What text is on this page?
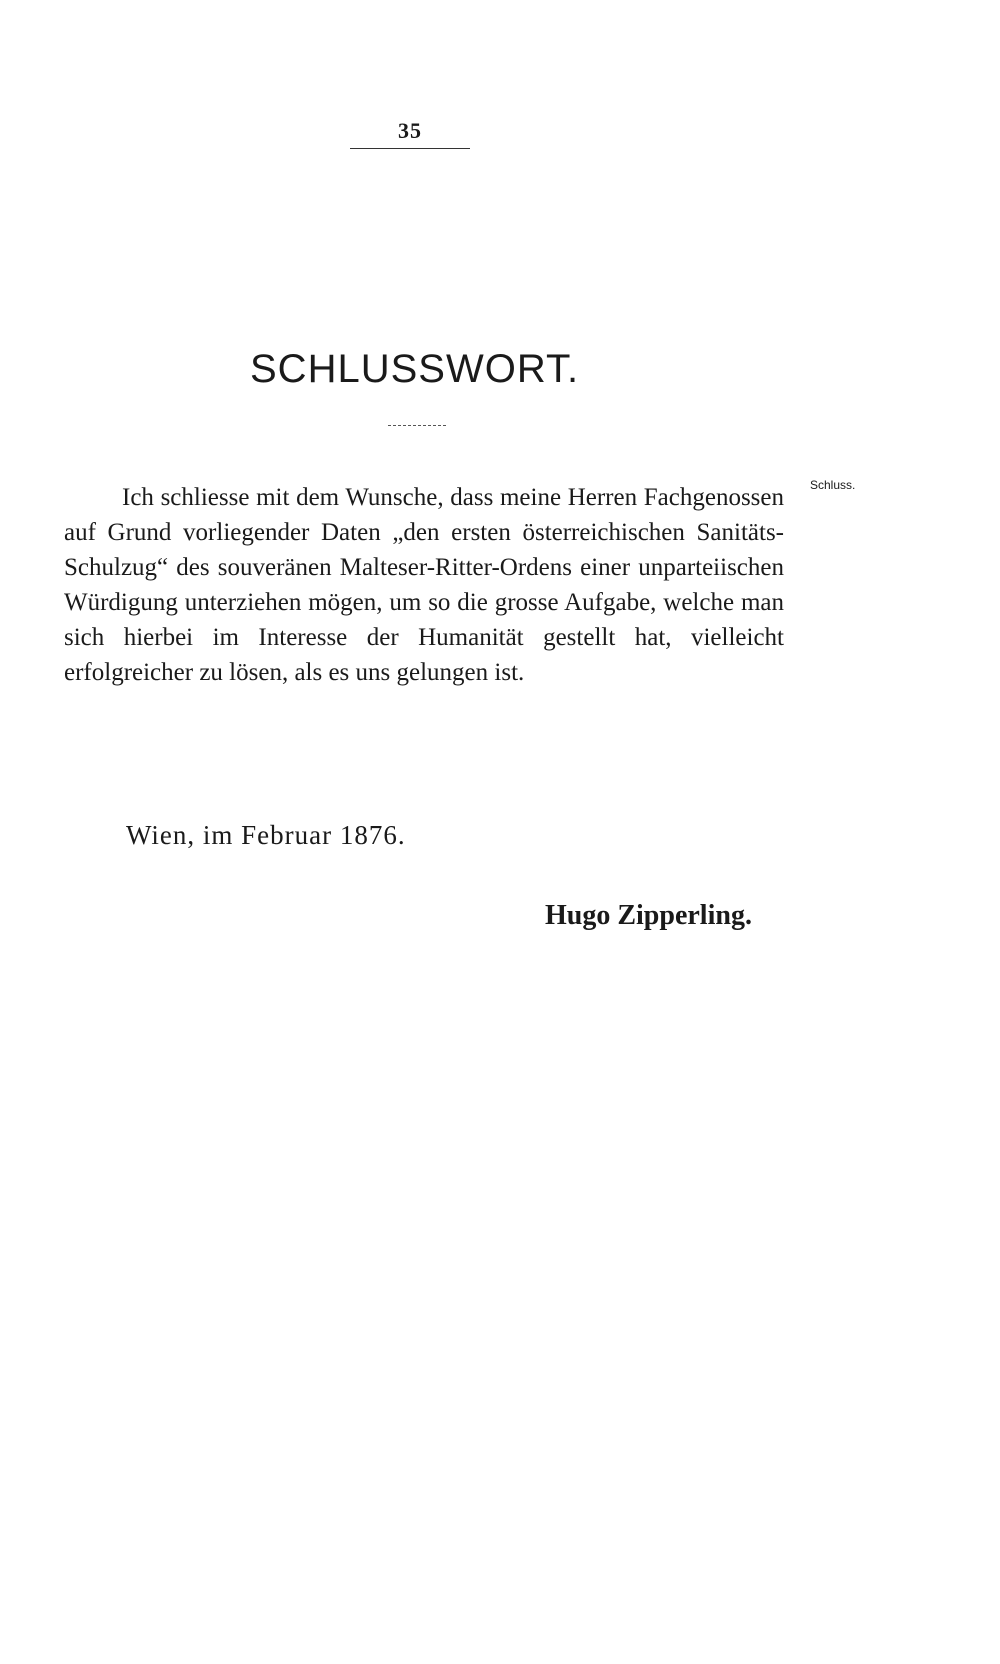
35
SCHLUSSWORT.
Schluss.

Ich schliesse mit dem Wunsche, dass meine Herren Fachgenossen auf Grund vorliegender Daten „den ersten österreichischen Sanitäts-Schulzug“ des souveränen Malteser-Ritter-Ordens einer unparteiischen Würdigung unterziehen mögen, um so die grosse Aufgabe, welche man sich hierbei im Interesse der Humanität gestellt hat, vielleicht erfolgreicher zu lösen, als es uns gelungen ist.

Wien, im Februar 1876.
Hugo Zipperling.
